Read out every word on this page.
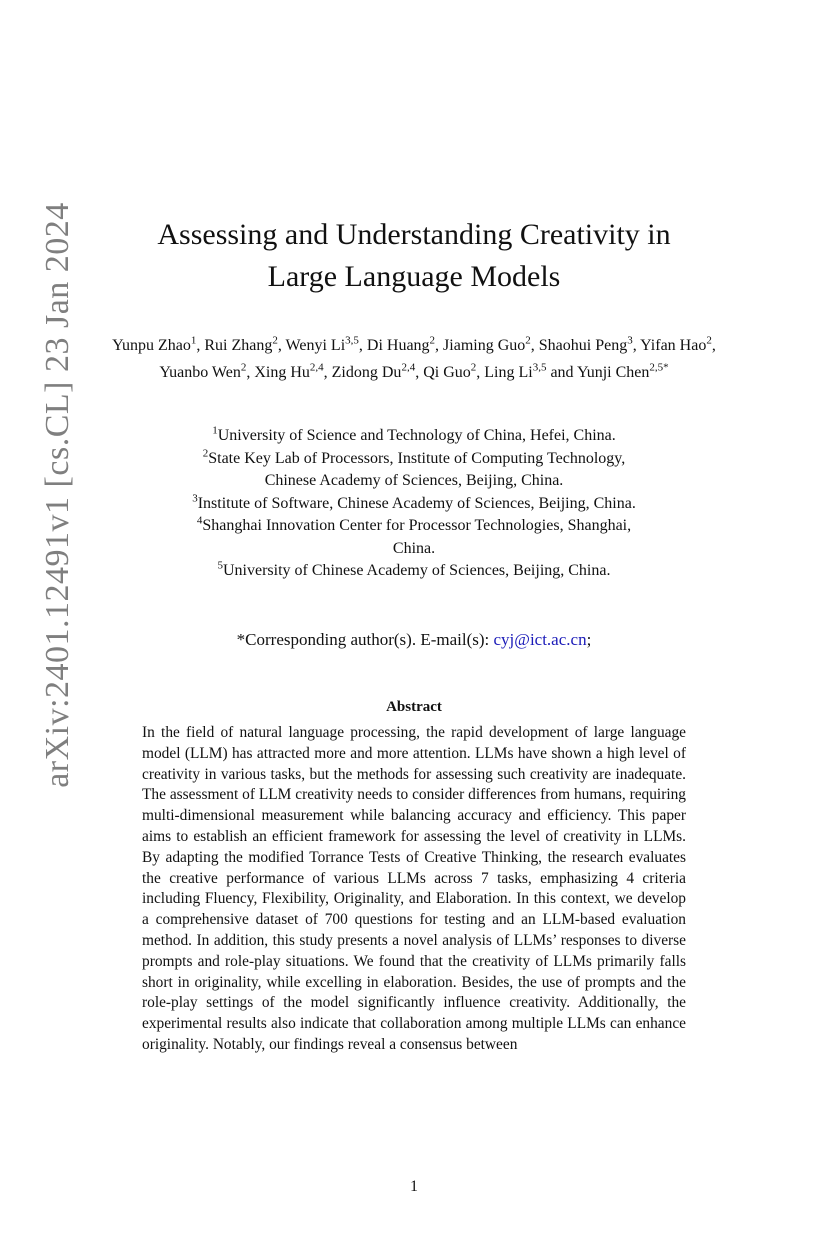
arXiv:2401.12491v1 [cs.CL] 23 Jan 2024	Assessing and Understanding Creativity in
Large Language Models
Yunpu Zhao$^1$, Rui Zhang$^2$, Wenyi Li$^{3,5}$, Di Huang$^2$, Jiaming Guo$^2$, Shaohui Peng$^3$, Yifan Hao$^2$, Yuanbo Wen$^2$, Xing Hu$^{2,4}$, Zidong Du$^{2,4}$, Qi Guo$^2$, Ling Li$^{3,5}$ and Yunji Chen$^{2,5*}$
$^1$University of Science and Technology of China, Hefei, China.
$^2$State Key Lab of Processors, Institute of Computing Technology,
Chinese Academy of Sciences, Beijing, China.
$^3$Institute of Software, Chinese Academy of Sciences, Beijing, China.
$^4$Shanghai Innovation Center for Processor Technologies, Shanghai,
China.
$^5$University of Chinese Academy of Sciences, Beijing, China.
*Corresponding author(s). E-mail(s): cyj@ict.ac.cn;
Abstract
In the field of natural language processing, the rapid development of large language model (LLM) has attracted more and more attention. LLMs have shown a high level of creativity in various tasks, but the methods for assessing such creativity are inadequate. The assessment of LLM creativity needs to consider differences from humans, requiring multi-dimensional measurement while balancing accuracy and efficiency. This paper aims to establish an efficient framework for assessing the level of creativity in LLMs. By adapting the modified Torrance Tests of Creative Thinking, the research evaluates the creative performance of various LLMs across 7 tasks, emphasizing 4 criteria including Fluency, Flexibility, Originality, and Elaboration. In this context, we develop a comprehensive dataset of 700 questions for testing and an LLM-based evaluation method. In addition, this study presents a novel analysis of LLMs’ responses to diverse prompts and role-play situations. We found that the creativity of LLMs primarily falls short in originality, while excelling in elaboration. Besides, the use of prompts and the role-play settings of the model significantly influence creativity. Additionally, the experimental results also indicate that collaboration among multiple LLMs can enhance originality. Notably, our findings reveal a consensus between
1
